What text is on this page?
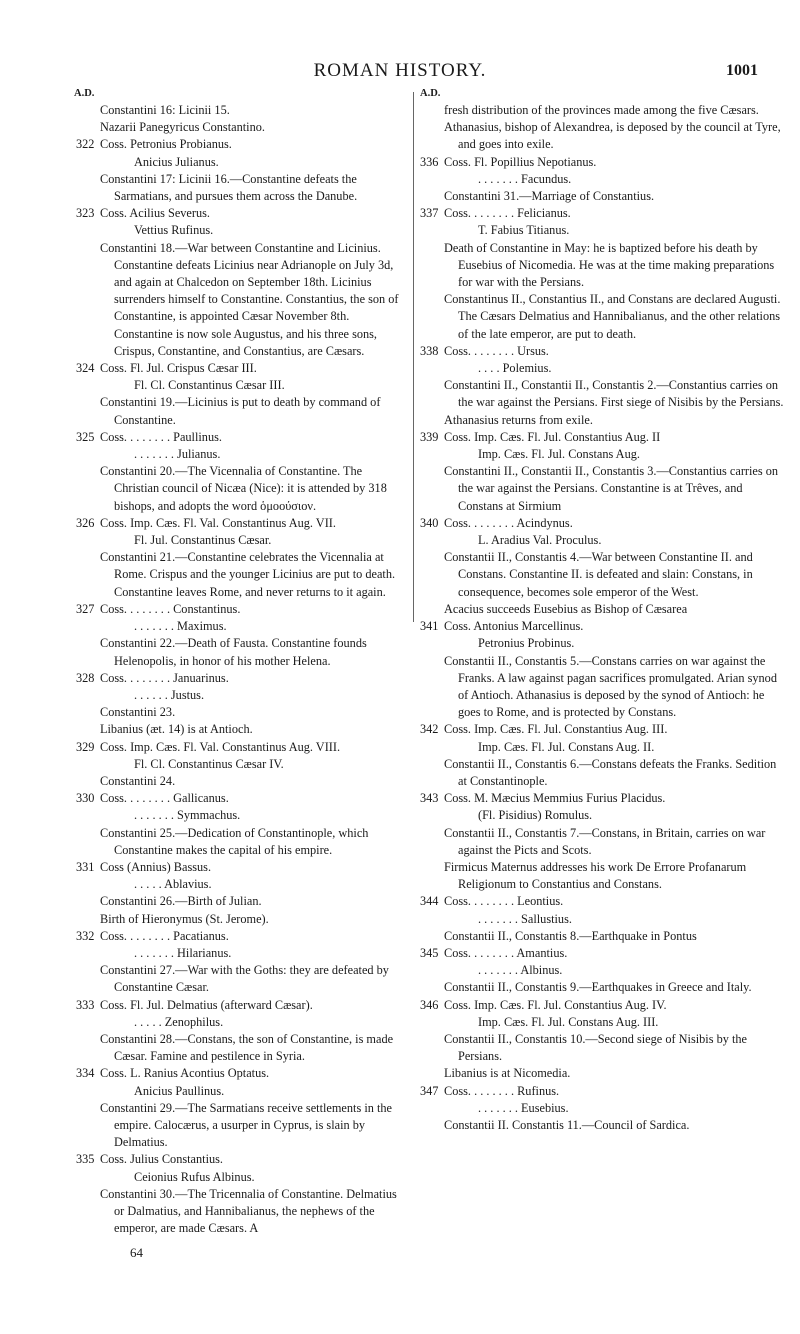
ROMAN HISTORY.	1001
A.D.
Constantini 16: Licinii 15.
Nazarii Panegyricus Constantino.
322 Coss. Petronius Probianus.
Anicius Julianus.
Constantini 17: Licinii 16.—Constantine defeats the Sarmatians, and pursues them across the Danube.
323 Coss. Acilius Severus.
Vettius Rufinus.
Constantini 18.—War between Constantine and Licinius. Constantine defeats Licinius near Adrianople on July 3d, and again at Chalcedon on September 18th. Licinius surrenders himself to Constantine. Constantius, the son of Constantine, is appointed Cæsar November 8th. Constantine is now sole Augustus, and his three sons, Crispus, Constantine, and Constantius, are Cæsars.
324 Coss. Fl. Jul. Crispus Cæsar III.
Fl. Cl. Constantinus Cæsar III.
Constantini 19.—Licinius is put to death by command of Constantine.
325 Coss. . . . . . . . Paullinus.
. . . . . . . Julianus.
Constantini 20.—The Vicennalia of Constantine. The Christian council of Nicæa (Nice): it is attended by 318 bishops, and adopts the word ὁμοούσιον.
326 Coss. Imp. Cæs. Fl. Val. Constantinus Aug. VII.
Fl. Jul. Constantinus Cæsar.
Constantini 21.—Constantine celebrates the Vicennalia at Rome. Crispus and the younger Licinius are put to death. Constantine leaves Rome, and never returns to it again.
327 Coss. . . . . . . . Constantinus.
. . . . . . . Maximus.
Constantini 22.—Death of Fausta. Constantine founds Helenopolis, in honor of his mother Helena.
328 Coss. . . . . . . . Januarinus.
. . . . . . Justus.
Constantini 23.
Libanius (æt. 14) is at Antioch.
329 Coss. Imp. Cæs. Fl. Val. Constantinus Aug. VIII.
Fl. Cl. Constantinus Cæsar IV.
Constantini 24.
330 Coss. . . . . . . . Gallicanus.
. . . . . . . Symmachus.
Constantini 25.—Dedication of Constantinople, which Constantine makes the capital of his empire.
331 Coss (Annius) Bassus.
. . . . . Ablavius.
Constantini 26.—Birth of Julian.
Birth of Hieronymus (St. Jerome).
332 Coss. . . . . . . . Pacatianus.
. . . . . . . Hilarianus.
Constantini 27.—War with the Goths: they are defeated by Constantine Cæsar.
333 Coss. Fl. Jul. Delmatius (afterward Cæsar).
. . . . . Zenophilus.
Constantini 28.—Constans, the son of Constantine, is made Cæsar. Famine and pestilence in Syria.
334 Coss. L. Ranius Acontius Optatus.
Anicius Paullinus.
Constantini 29.—The Sarmatians receive settlements in the empire. Calocærus, a usurper in Cyprus, is slain by Delmatius.
335 Coss. Julius Constantius.
Ceionius Rufus Albinus.
Constantini 30.—The Tricennalia of Constantine. Delmatius or Dalmatius, and Hannibalianus, the nephews of the emperor, are made Cæsars. A
A.D.
fresh distribution of the provinces made among the five Cæsars.
Athanasius, bishop of Alexandrea, is deposed by the council at Tyre, and goes into exile.
336 Coss. Fl. Popillius Nepotianus.
. . . . . . . Facundus.
Constantini 31.—Marriage of Constantius.
337 Coss. . . . . . . . Felicianus.
T. Fabius Titianus.
Death of Constantine in May: he is baptized before his death by Eusebius of Nicomedia. He was at the time making preparations for war with the Persians.
Constantinus II., Constantius II., and Constans are declared Augusti. The Cæsars Delmatius and Hannibalianus, and the other relations of the late emperor, are put to death.
338 Coss. . . . . . . . Ursus.
. . . . Polemius.
Constantini II., Constantii II., Constantis 2.—Constantius carries on the war against the Persians. First siege of Nisibis by the Persians.
Athanasius returns from exile.
339 Coss. Imp. Cæs. Fl. Jul. Constantius Aug. II
Imp. Cæs. Fl. Jul. Constans Aug.
Constantini II., Constantii II., Constantis 3.—Constantius carries on the war against the Persians. Constantine is at Trêves, and Constans at Sirmium
340 Coss. . . . . . . . Acindynus.
L. Aradius Val. Proculus.
Constantii II., Constantis 4.—War between Constantine II. and Constans. Constantine II. is defeated and slain: Constans, in consequence, becomes sole emperor of the West.
Acacius succeeds Eusebius as Bishop of Cæsarea
341 Coss. Antonius Marcellinus.
Petronius Probinus.
Constantii II., Constantis 5.—Constans carries on war against the Franks. A law against pagan sacrifices promulgated. Arian synod of Antioch. Athanasius is deposed by the synod of Antioch: he goes to Rome, and is protected by Constans.
342 Coss. Imp. Cæs. Fl. Jul. Constantius Aug. III.
Imp. Cæs. Fl. Jul. Constans Aug. II.
Constantii II., Constantis 6.—Constans defeats the Franks. Sedition at Constantinople.
343 Coss. M. Mæcius Memmius Furius Placidus.
(Fl. Pisidius) Romulus.
Constantii II., Constantis 7.—Constans, in Britain, carries on war against the Picts and Scots.
Firmicus Maternus addresses his work De Errore Profanarum Religionum to Constantius and Constans.
344 Coss. . . . . . . . Leontius.
. . . . . . . Sallustius.
Constantii II., Constantis 8.—Earthquake in Pontus
345 Coss. . . . . . . . Amantius.
. . . . . . . Albinus.
Constantii II., Constantis 9.—Earthquakes in Greece and Italy.
346 Coss. Imp. Cæs. Fl. Jul. Constantius Aug. IV.
Imp. Cæs. Fl. Jul. Constans Aug. III.
Constantii II., Constantis 10.—Second siege of Nisibis by the Persians.
Libanius is at Nicomedia.
347 Coss. . . . . . . . Rufinus.
. . . . . . . Eusebius.
Constantii II. Constantis 11.—Council of Sardica.
64
